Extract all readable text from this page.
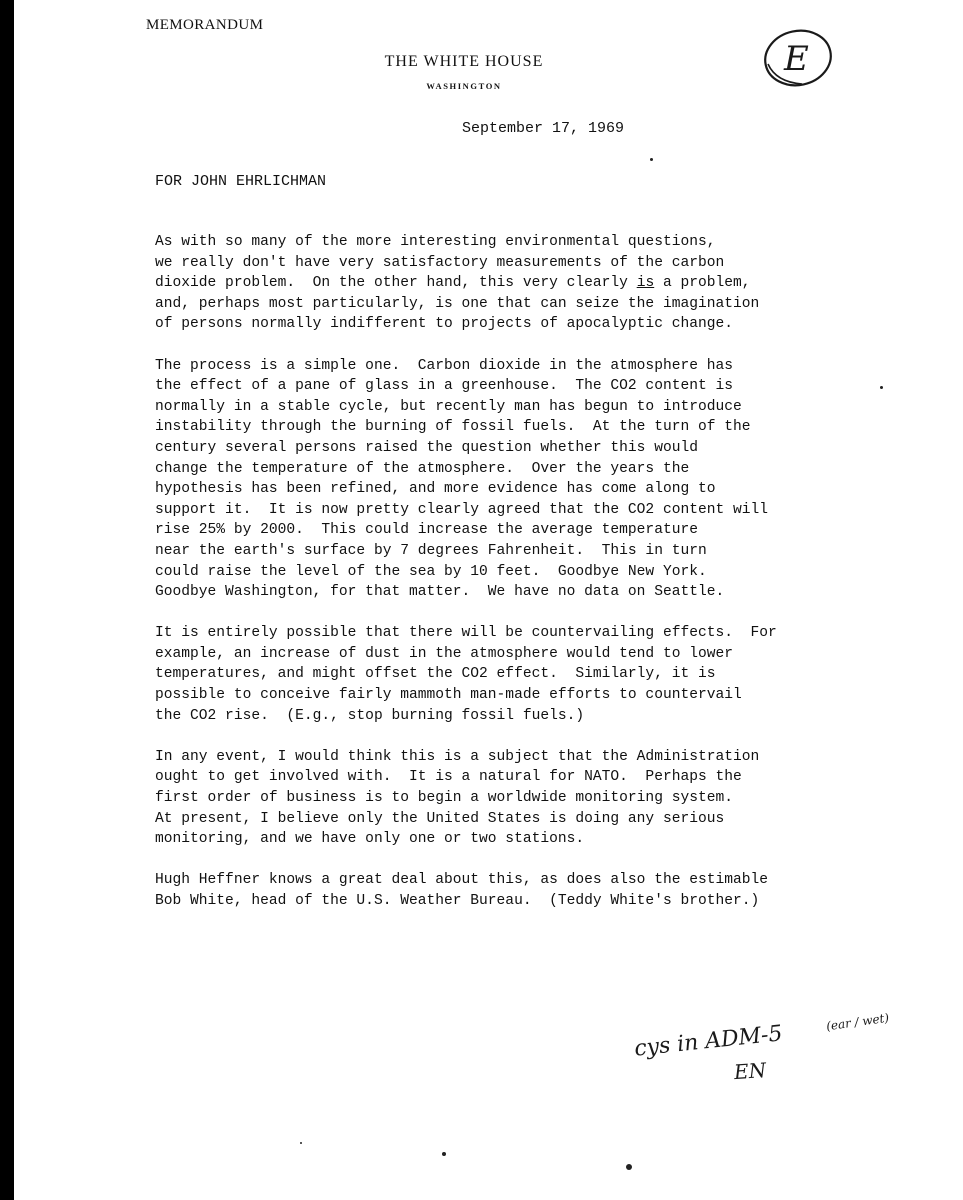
MEMORANDUM
THE WHITE HOUSE
WASHINGTON
E
September 17, 1969
FOR JOHN EHRLICHMAN
As with so many of the more interesting environmental questions,
we really don't have very satisfactory measurements of the carbon
dioxide problem.  On the other hand, this very clearly is a problem,
and, perhaps most particularly, is one that can seize the imagination
of persons normally indifferent to projects of apocalyptic change.
The process is a simple one.  Carbon dioxide in the atmosphere has
the effect of a pane of glass in a greenhouse.  The CO2 content is
normally in a stable cycle, but recently man has begun to introduce
instability through the burning of fossil fuels.  At the turn of the
century several persons raised the question whether this would
change the temperature of the atmosphere.  Over the years the
hypothesis has been refined, and more evidence has come along to
support it.  It is now pretty clearly agreed that the CO2 content will
rise 25% by 2000.  This could increase the average temperature
near the earth's surface by 7 degrees Fahrenheit.  This in turn
could raise the level of the sea by 10 feet.  Goodbye New York.
Goodbye Washington, for that matter.  We have no data on Seattle.
It is entirely possible that there will be countervailing effects.  For
example, an increase of dust in the atmosphere would tend to lower
temperatures, and might offset the CO2 effect.  Similarly, it is
possible to conceive fairly mammoth man-made efforts to countervail
the CO2 rise.  (E.g., stop burning fossil fuels.)
In any event, I would think this is a subject that the Administration
ought to get involved with.  It is a natural for NATO.  Perhaps the
first order of business is to begin a worldwide monitoring system.
At present, I believe only the United States is doing any serious
monitoring, and we have only one or two stations.
Hugh Heffner knows a great deal about this, as does also the estimable
Bob White, head of the U.S. Weather Bureau.  (Teddy White's brother.)
cys in ADM-5	(ear / wet)
EN
